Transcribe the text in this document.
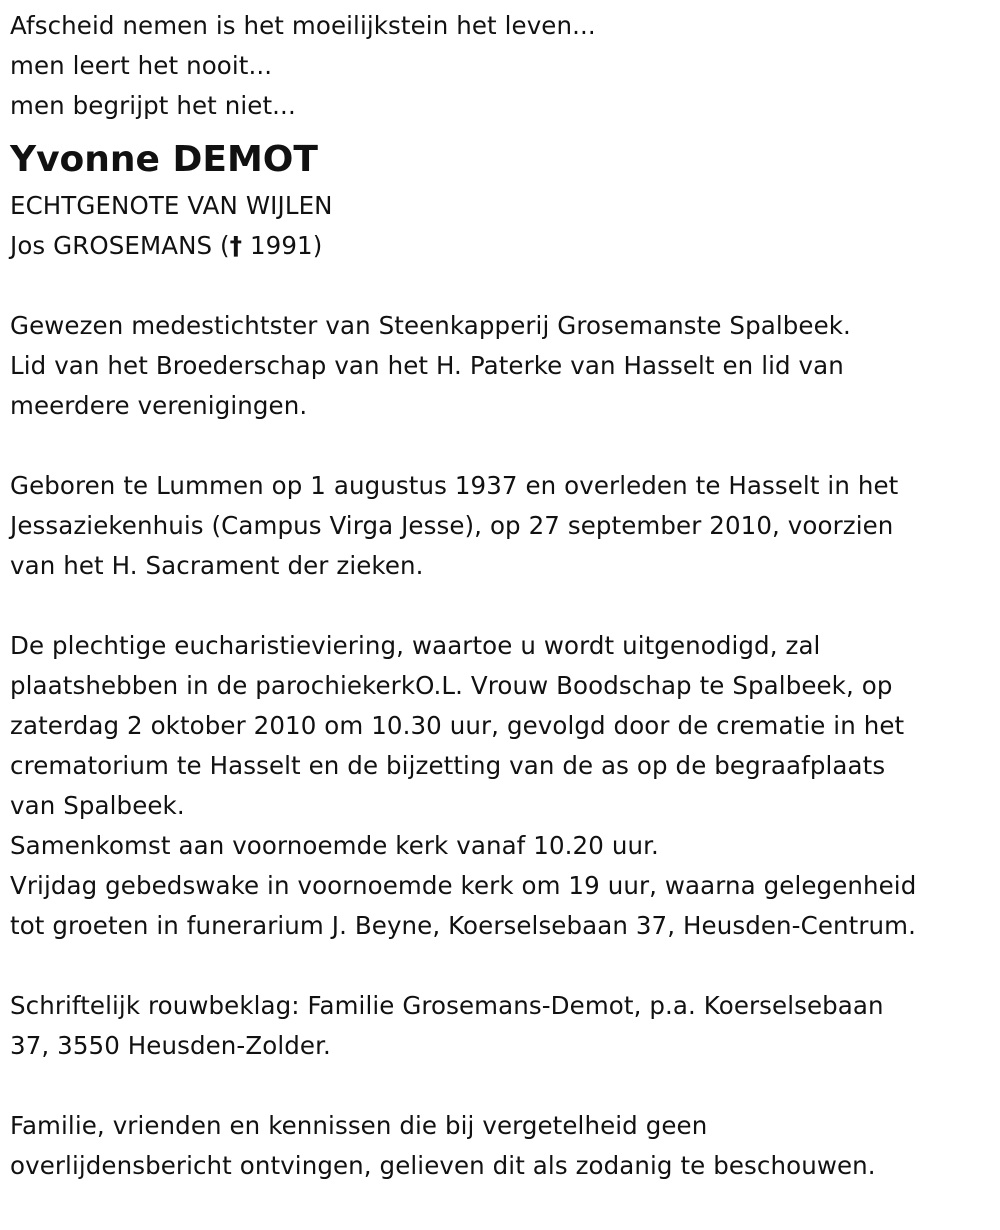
Afscheid nemen is het moeilijkstein het leven...
men leert het nooit...
men begrijpt het niet...
Yvonne DEMOT
ECHTGENOTE VAN WIJLEN
Jos GROSEMANS († 1991)
Gewezen medestichtster van Steenkapperij Grosemanste Spalbeek.
Lid van het Broederschap van het H. Paterke van Hasselt en lid van
meerdere verenigingen.
Geboren te Lummen op 1 augustus 1937 en overleden te Hasselt in het
Jessaziekenhuis (Campus Virga Jesse), op 27 september 2010, voorzien
van het H. Sacrament der zieken.
De plechtige eucharistieviering, waartoe u wordt uitgenodigd, zal
plaatshebben in de parochiekerkO.L. Vrouw Boodschap te Spalbeek, op
zaterdag 2 oktober 2010 om 10.30 uur, gevolgd door de crematie in het
crematorium te Hasselt en de bijzetting van de as op de begraafplaats
van Spalbeek.
Samenkomst aan voornoemde kerk vanaf 10.20 uur.
Vrijdag gebedswake in voornoemde kerk om 19 uur, waarna gelegenheid
tot groeten in funerarium J. Beyne, Koerselsebaan 37, Heusden-Centrum.
Schriftelijk rouwbeklag: Familie Grosemans-Demot, p.a. Koerselsebaan
37, 3550 Heusden-Zolder.
Familie, vrienden en kennissen die bij vergetelheid geen
overlijdensbericht ontvingen, gelieven dit als zodanig te beschouwen.
